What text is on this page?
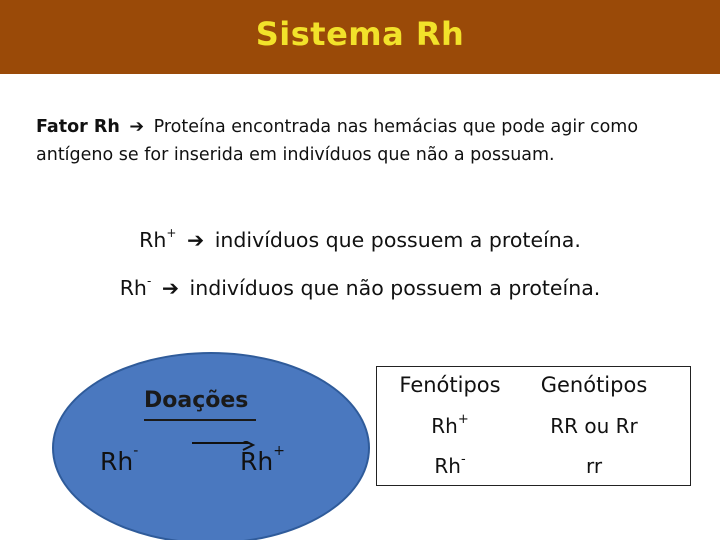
Sistema Rh
Fator Rh ➔ Proteína encontrada nas hemácias que pode agir como
antígeno se for inserida em indivíduos que não a possuam.
Rh+ ➔ indivíduos que possuem a proteína.
Rh- ➔ indivíduos que não possuem a proteína.
Doações
Rh-	Rh+
Fenótipos	Genótipos
Rh+	RR ou Rr
Rh-	rr
